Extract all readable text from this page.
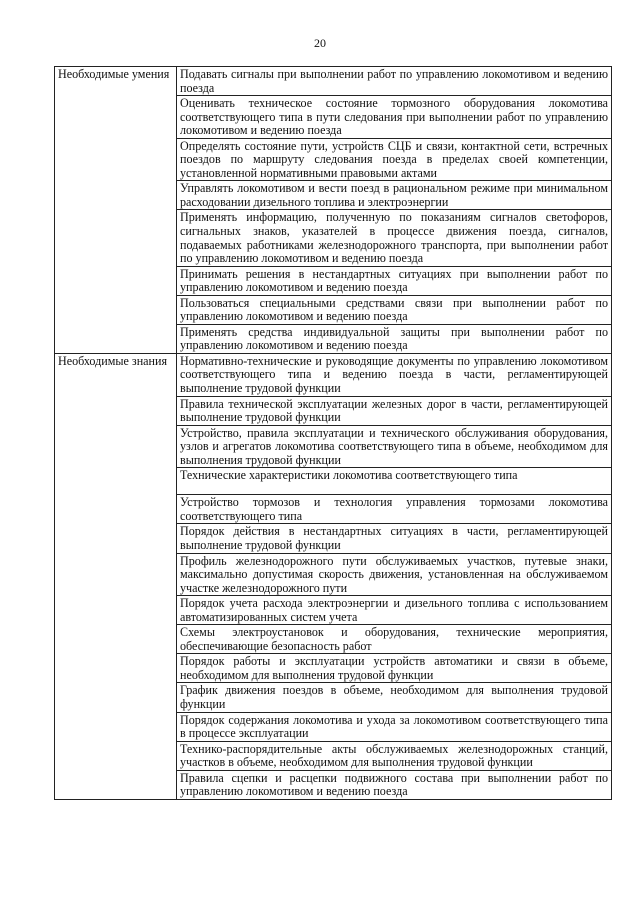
20
Необходимые умения	Подавать сигналы при выполнении работ по управлению локомотивом и ведению поезда
	Оценивать техническое состояние тормозного оборудования локомотива соответствующего типа в пути следования при выполнении работ по управлению локомотивом и ведению поезда
	Определять состояние пути, устройств СЦБ и связи, контактной сети, встречных поездов по маршруту следования поезда в пределах своей компетенции, установленной нормативными правовыми актами
	Управлять локомотивом и вести поезд в рациональном режиме при минимальном расходовании дизельного топлива и электроэнергии
	Применять информацию, полученную по показаниям сигналов светофоров, сигнальных знаков, указателей в процессе движения поезда, сигналов, подаваемых работниками железнодорожного транспорта, при выполнении работ по управлению локомотивом и ведению поезда
	Принимать решения в нестандартных ситуациях при выполнении работ по управлению локомотивом и ведению поезда
	Пользоваться специальными средствами связи при выполнении работ по управлению локомотивом и ведению поезда
	Применять средства индивидуальной защиты при выполнении работ по управлению локомотивом и ведению поезда
Необходимые знания	Нормативно-технические и руководящие документы по управлению локомотивом соответствующего типа и ведению поезда в части, регламентирующей выполнение трудовой функции
	Правила технической эксплуатации железных дорог в части, регламентирующей выполнение трудовой функции
	Устройство, правила эксплуатации и технического обслуживания оборудования, узлов и агрегатов локомотива соответствующего типа в объеме, необходимом для выполнения трудовой функции
	Технические характеристики локомотива соответствующего типа
	Устройство тормозов и технология управления тормозами локомотива соответствующего типа
	Порядок действия в нестандартных ситуациях в части, регламентирующей выполнение трудовой функции
	Профиль железнодорожного пути обслуживаемых участков, путевые знаки, максимально допустимая скорость движения, установленная на обслуживаемом участке железнодорожного пути
	Порядок учета расхода электроэнергии и дизельного топлива с использованием автоматизированных систем учета
	Схемы электроустановок и оборудования, технические мероприятия, обеспечивающие безопасность работ
	Порядок работы и эксплуатации устройств автоматики и связи в объеме, необходимом для выполнения трудовой функции
	График движения поездов в объеме, необходимом для выполнения трудовой функции
	Порядок содержания локомотива и ухода за локомотивом соответствующего типа в процессе эксплуатации
	Технико-распорядительные акты обслуживаемых железнодорожных станций, участков в объеме, необходимом для выполнения трудовой функции
	Правила сцепки и расцепки подвижного состава при выполнении работ по управлению локомотивом и ведению поезда
